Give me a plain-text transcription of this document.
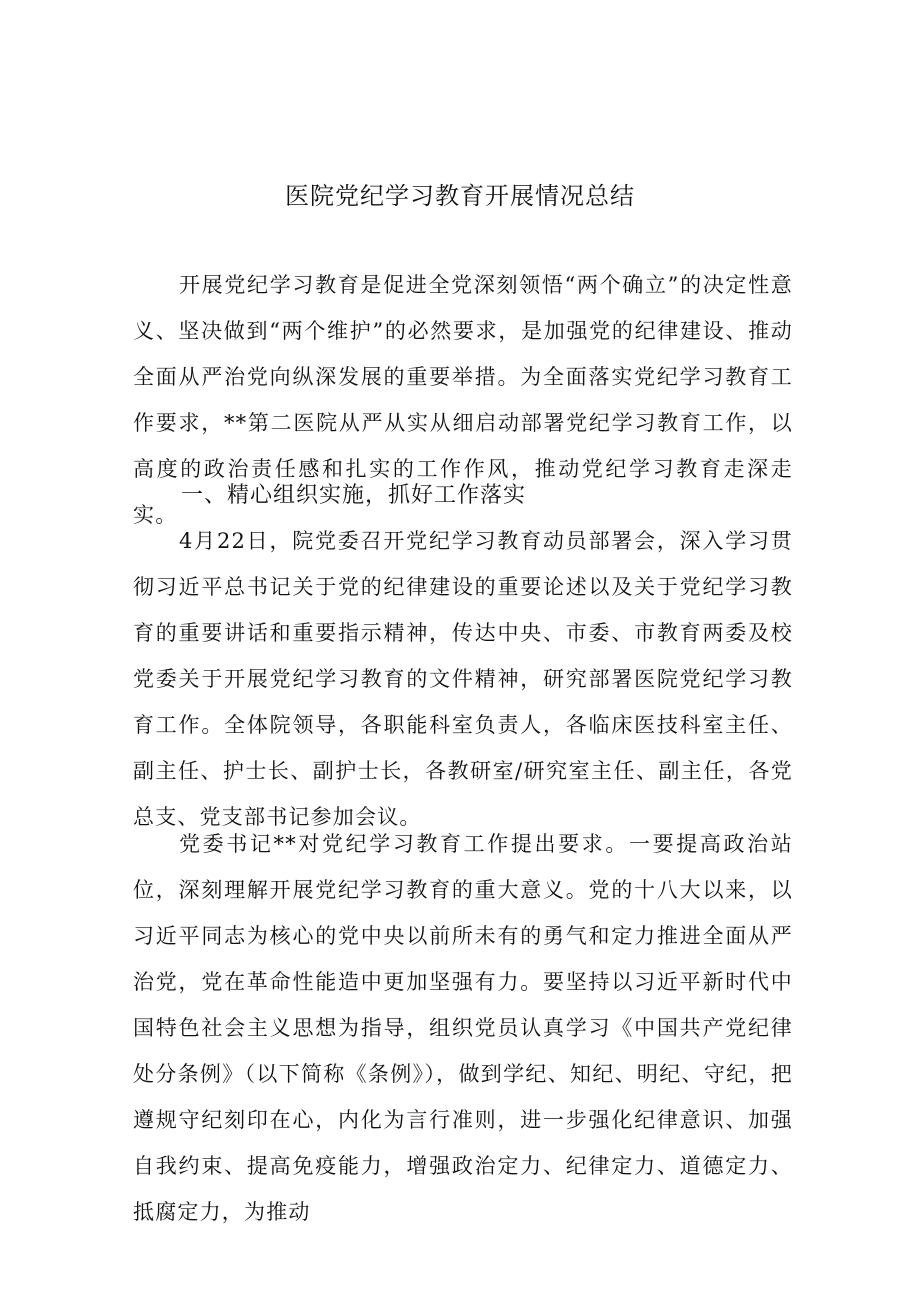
医院党纪学习教育开展情况总结

开展党纪学习教育是促进全党深刻领悟“两个确立”的决定性意义、坚决做到“两个维护”的必然要求，是加强党的纪律建设、推动全面从严治党向纵深发展的重要举措。为全面落实党纪学习教育工作要求，**第二医院从严从实从细启动部署党纪学习教育工作，以高度的政治责任感和扎实的工作作风，推动党纪学习教育走深走实。

一、精心组织实施，抓好工作落实

4月22日，院党委召开党纪学习教育动员部署会，深入学习贯彻习近平总书记关于党的纪律建设的重要论述以及关于党纪学习教育的重要讲话和重要指示精神，传达中央、市委、市教育两委及校党委关于开展党纪学习教育的文件精神，研究部署医院党纪学习教育工作。全体院领导，各职能科室负责人，各临床医技科室主任、副主任、护士长、副护士长，各教研室/研究室主任、副主任，各党总支、党支部书记参加会议。

党委书记**对党纪学习教育工作提出要求。一要提高政治站位，深刻理解开展党纪学习教育的重大意义。党的十八大以来，以习近平同志为核心的党中央以前所未有的勇气和定力推进全面从严治党，党在革命性能造中更加坚强有力。要坚持以习近平新时代中国特色社会主义思想为指导，组织党员认真学习《中国共产党纪律处分条例》（以下简称《条例》），做到学纪、知纪、明纪、守纪，把遵规守纪刻印在心，内化为言行准则，进一步强化纪律意识、加强自我约束、提高免疫能力，增强政治定力、纪律定力、道德定力、抵腐定力，为推动
